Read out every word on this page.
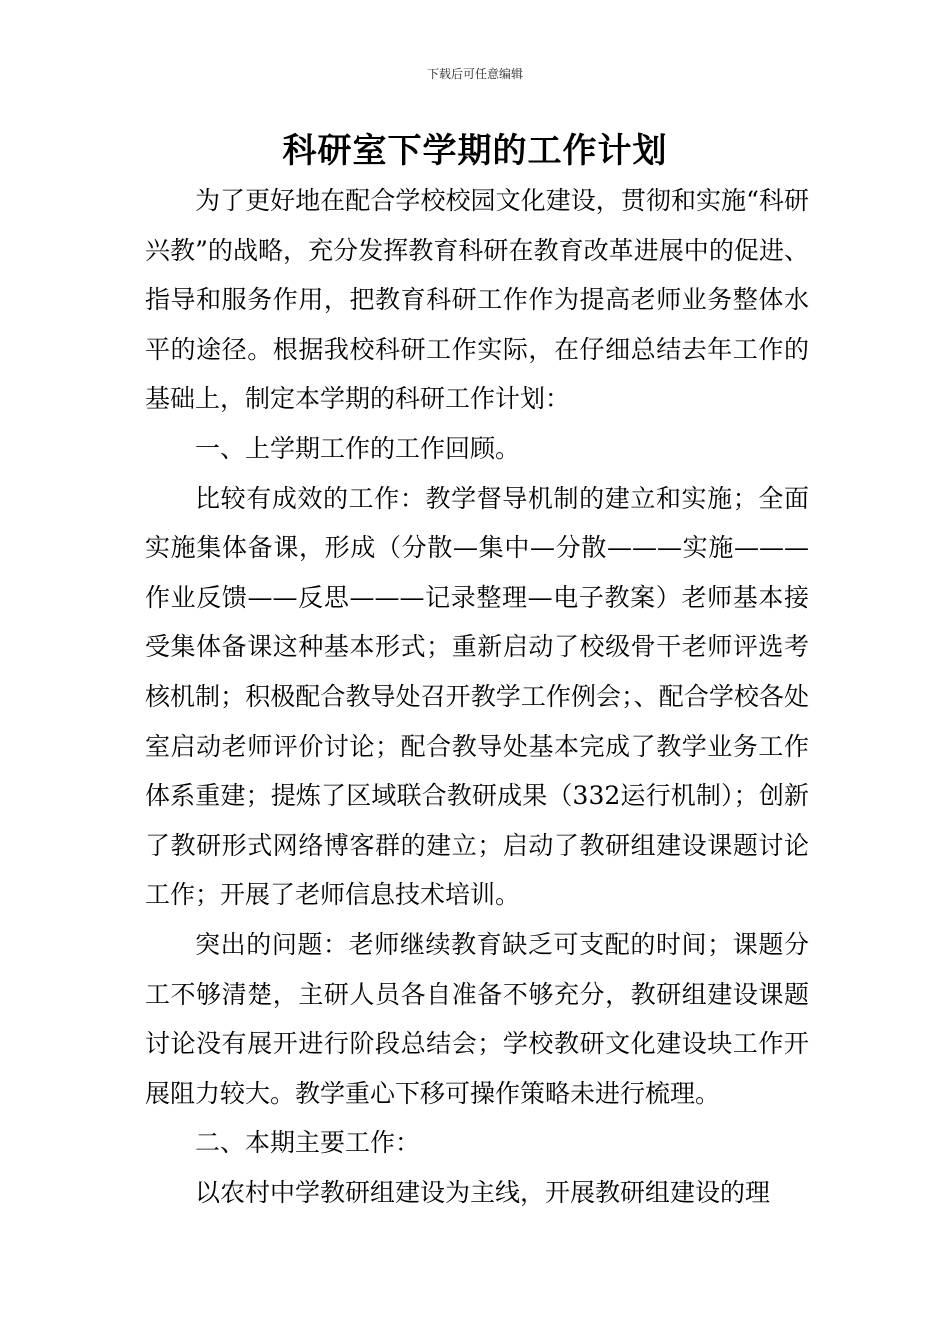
下载后可任意编辑
科研室下学期的工作计划

为了更好地在配合学校校园文化建设，贯彻和实施“科研兴教”的战略，充分发挥教育科研在教育改革进展中的促进、指导和服务作用，把教育科研工作作为提高老师业务整体水平的途径。根据我校科研工作实际，在仔细总结去年工作的基础上，制定本学期的科研工作计划：

一、上学期工作的工作回顾。

比较有成效的工作：教学督导机制的建立和实施；全面实施集体备课，形成（分散—集中—分散———实施———作业反馈——反思———记录整理—电子教案）老师基本接受集体备课这种基本形式；重新启动了校级骨干老师评选考核机制；积极配合教导处召开教学工作例会；、配合学校各处室启动老师评价讨论；配合教导处基本完成了教学业务工作体系重建；提炼了区域联合教研成果（332运行机制）；创新了教研形式网络博客群的建立；启动了教研组建设课题讨论工作；开展了老师信息技术培训。

突出的问题：老师继续教育缺乏可支配的时间；课题分工不够清楚，主研人员各自准备不够充分，教研组建设课题讨论没有展开进行阶段总结会；学校教研文化建设块工作开展阻力较大。教学重心下移可操作策略未进行梳理。

二、本期主要工作：

以农村中学教研组建设为主线，开展教研组建设的理
